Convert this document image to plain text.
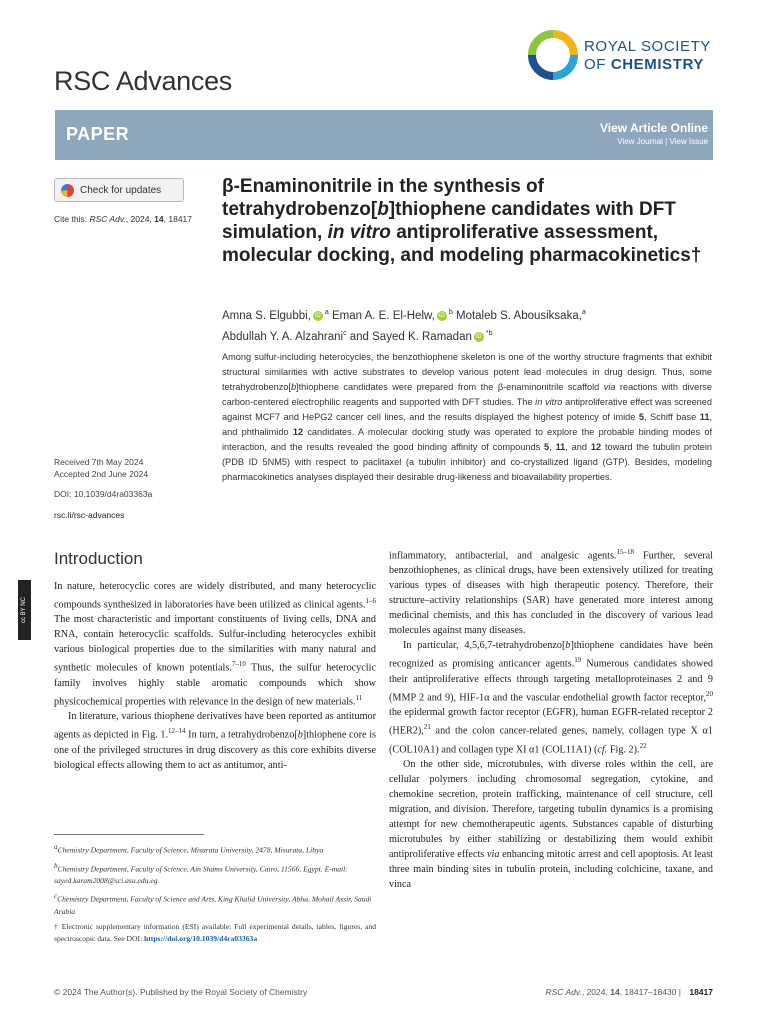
RSC Advances
ROYAL SOCIETY
OF CHEMISTRY
PAPER	View Article Online
View Journal | View Issue
Check for updates
Cite this: RSC Adv., 2024, 14, 18417
Received 7th May 2024
Accepted 2nd June 2024
DOI: 10.1039/d4ra03363a
rsc.li/rsc-advances
β-Enaminonitrile in the synthesis of tetrahydrobenzo[b]thiophene candidates with DFT simulation, in vitro antiproliferative assessment, molecular docking, and modeling pharmacokinetics†
Amna S. Elgubbi, iD $^a$ Eman A. E. El-Helw, iD $^b$ Motaleb S. Abousiksaka,$^a$
Abdullah Y. A. Alzahrani$^c$ and Sayed K. Ramadan iD $^{*b}$
Among sulfur-including heterocycles, the benzothiophene skeleton is one of the worthy structure fragments that exhibit structural similarities with active substrates to develop various potent lead molecules in drug design. Thus, some tetrahydrobenzo[b]thiophene candidates were prepared from the β-enaminonitrile scaffold via reactions with diverse carbon-centered electrophilic reagents and supported with DFT studies. The in vitro antiproliferative effect was screened against MCF7 and HePG2 cancer cell lines, and the results displayed the highest potency of imide 5, Schiff base 11, and phthalimido 12 candidates. A molecular docking study was operated to explore the probable binding modes of interaction, and the results revealed the good binding affinity of compounds 5, 11, and 12 toward the tubulin protein (PDB ID 5NM5) with respect to paclitaxel (a tubulin inhibitor) and co-crystallized ligand (GTP). Besides, modeling pharmacokinetics analyses displayed their desirable drug-likeness and bioavailability properties.
cc BY NC
Introduction

In nature, heterocyclic cores are widely distributed, and many heterocyclic compounds synthesized in laboratories have been utilized as clinical agents.$^{1-6}$ The most characteristic and important constituents of living cells, DNA and RNA, contain heterocyclic scaffolds. Sulfur-including heterocycles exhibit various biological properties due to the similarities with many natural and synthetic molecules of known potentials.$^{7-10}$ Thus, the sulfur heterocyclic family involves highly stable aromatic compounds which show physicochemical properties with relevance in the design of new materials.$^{11}$

In literature, various thiophene derivatives have been reported as antitumor agents as depicted in Fig. 1.$^{12-14}$ In turn, a tetrahydrobenzo[b]thiophene core is one of the privileged structures in drug discovery as this core exhibits diverse biological effects allowing them to act as antitumor, anti-

inflammatory, antibacterial, and analgesic agents.$^{15-18}$ Further, several benzothiophenes, as clinical drugs, have been extensively utilized for treating various types of diseases with high therapeutic potency. Therefore, their structure–activity relationships (SAR) have generated more interest among medicinal chemists, and this has concluded in the discovery of various lead molecules against many diseases.

In particular, 4,5,6,7-tetrahydrobenzo[b]thiophene candidates have been recognized as promising anticancer agents.$^{19}$ Numerous candidates showed their antiproliferative effects through targeting metalloproteinases 2 and 9 (MMP 2 and 9), HIF-1α and the vascular endothelial growth factor receptor,$^{20}$ the epidermal growth factor receptor (EGFR), human EGFR-related receptor 2 (HER2),$^{21}$ and the colon cancer-related genes, namely, collagen type X α1 (COL10A1) and collagen type XI α1 (COL11A1) (cf. Fig. 2).$^{22}$

On the other side, microtubules, with diverse roles within the cell, are cellular polymers including chromosomal segregation, cytokine, and chemokine secretion, protein trafficking, maintenance of cell structure, cell migration, and division. Therefore, targeting tubulin dynamics is a promising attempt for new chemotherapeutic agents. Substances capable of disturbing microtubules by either stabilizing or destabilizing them would exhibit antiproliferative effects via enhancing mitotic arrest and cell apoptosis. At least three main binding sites in tubulin protein, including colchicine, taxane, and vinca

$^a$Chemistry Department, Faculty of Science, Misurata University, 2478, Misurata, Libya

$^b$Chemistry Department, Faculty of Science, Ain Shams University, Cairo, 11566, Egypt. E-mail: sayed.karam2008@sci.asu.edu.eg

$^c$Chemistry Department, Faculty of Science and Arts, King Khalid University, Abha, Mohail Assir, Saudi Arabia

† Electronic supplementary information (ESI) available: Full experimental details, tables, figures, and spectroscopic data. See DOI: https://doi.org/10.1039/d4ra03363a

© 2024 The Author(s). Published by the Royal Society of Chemistry	RSC Adv., 2024, 14, 18417–18430 | 18417
